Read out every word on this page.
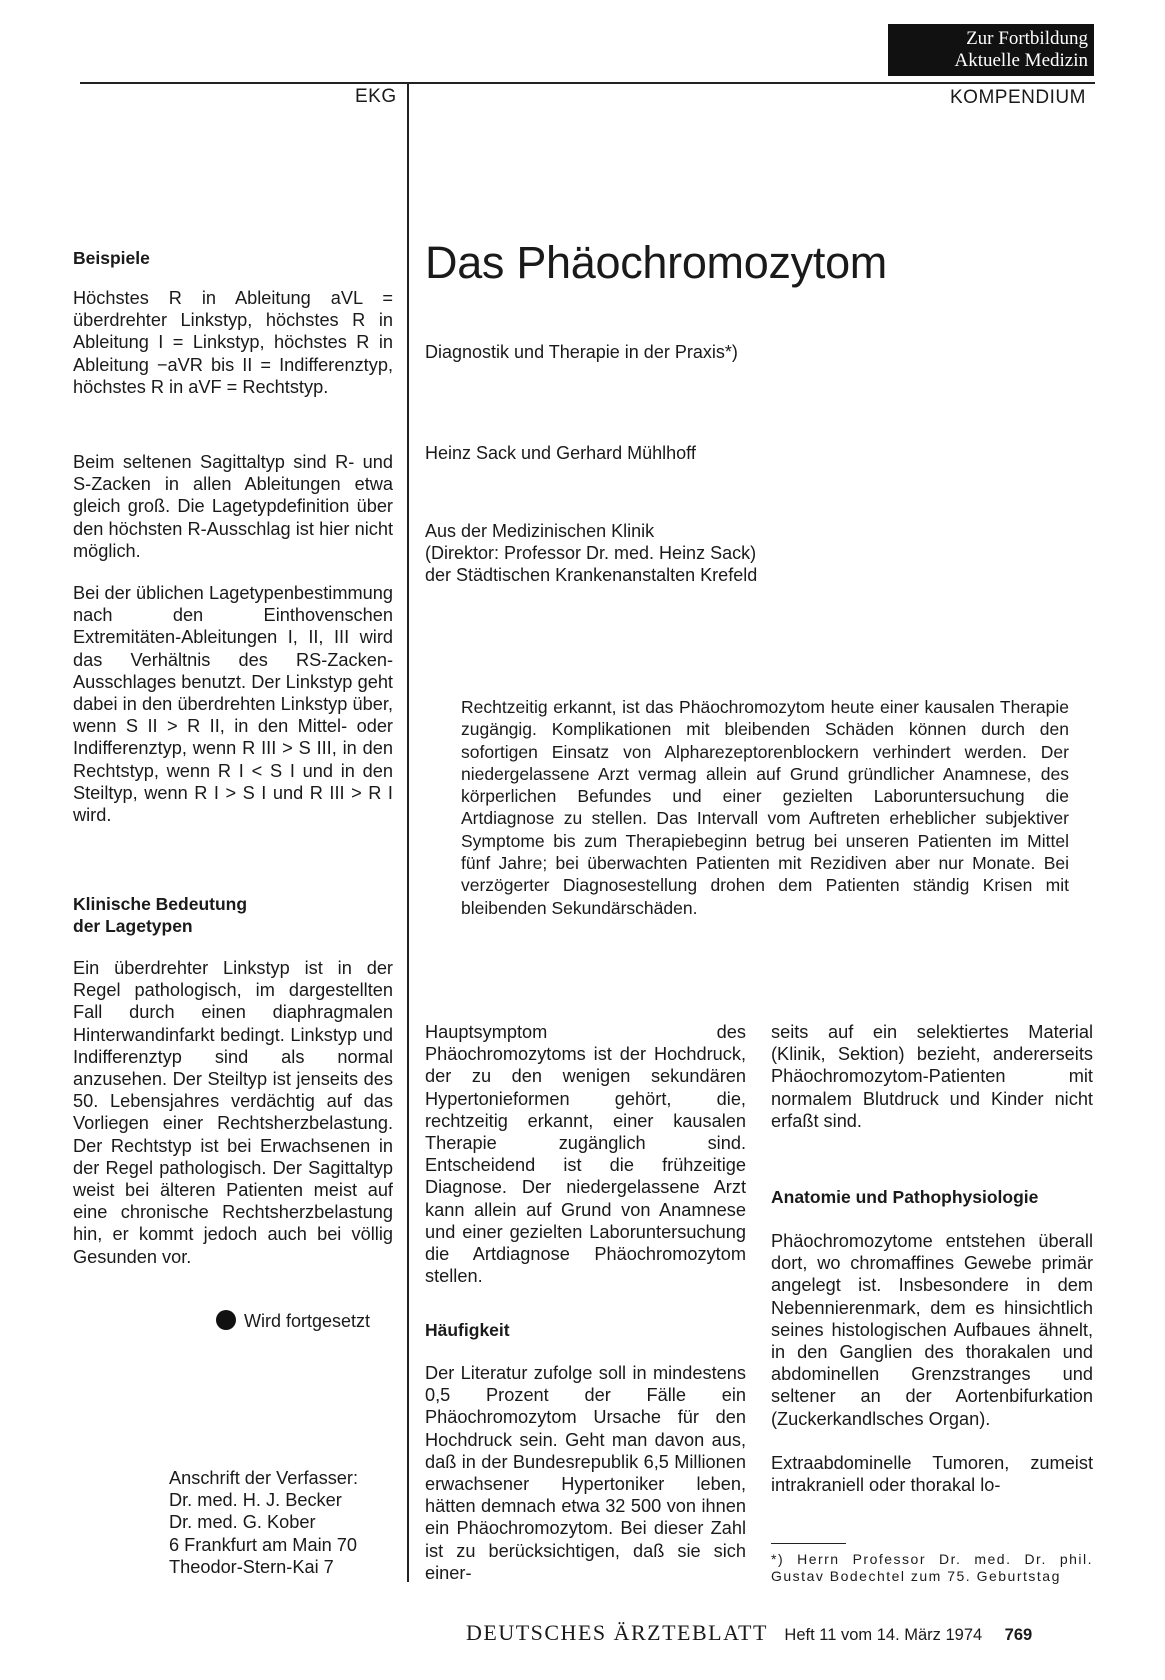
Zur Fortbildung
Aktuelle Medizin
EKG	KOMPENDIUM
Beispiele

Höchstes R in Ableitung aVL = überdrehter Linkstyp, höchstes R in Ableitung I = Linkstyp, höchstes R in Ableitung −aVR bis II = Indifferenztyp, höchstes R in aVF = Rechtstyp.

Beim seltenen Sagittaltyp sind R- und S-Zacken in allen Ableitungen etwa gleich groß. Die Lagetypdefinition über den höchsten R-Ausschlag ist hier nicht möglich.

Bei der üblichen Lagetypenbestimmung nach den Einthovenschen Extremitäten-Ableitungen I, II, III wird das Verhältnis des RS-Zacken-Ausschlages benutzt. Der Linkstyp geht dabei in den überdrehten Linkstyp über, wenn S II > R II, in den Mittel- oder Indifferenztyp, wenn R III > S III, in den Rechtstyp, wenn R I < S I und in den Steiltyp, wenn R I > S I und R III > R I wird.

Klinische Bedeutung
der Lagetypen

Ein überdrehter Linkstyp ist in der Regel pathologisch, im dargestellten Fall durch einen diaphragmalen Hinterwandinfarkt bedingt. Linkstyp und Indifferenztyp sind als normal anzusehen. Der Steiltyp ist jenseits des 50. Lebensjahres verdächtig auf das Vorliegen einer Rechtsherzbelastung. Der Rechtstyp ist bei Erwachsenen in der Regel pathologisch. Der Sagittaltyp weist bei älteren Patienten meist auf eine chronische Rechtsherzbelastung hin, er kommt jedoch auch bei völlig Gesunden vor.

Wird fortgesetzt
Anschrift der Verfasser:
Dr. med. H. J. Becker
Dr. med. G. Kober
6 Frankfurt am Main 70
Theodor-Stern-Kai 7
Das Phäochromozytom
Diagnostik und Therapie in der Praxis*)
Heinz Sack und Gerhard Mühlhoff
Aus der Medizinischen Klinik
(Direktor: Professor Dr. med. Heinz Sack)
der Städtischen Krankenanstalten Krefeld

Rechtzeitig erkannt, ist das Phäochromozytom heute einer kausalen Therapie zugängig. Komplikationen mit bleibenden Schäden können durch den sofortigen Einsatz von Alpharezeptorenblockern verhindert werden. Der niedergelassene Arzt vermag allein auf Grund gründlicher Anamnese, des körperlichen Befundes und einer gezielten Laboruntersuchung die Artdiagnose zu stellen. Das Intervall vom Auftreten erheblicher subjektiver Symptome bis zum Therapiebeginn betrug bei unseren Patienten im Mittel fünf Jahre; bei überwachten Patienten mit Rezidiven aber nur Monate. Bei verzögerter Diagnosestellung drohen dem Patienten ständig Krisen mit bleibenden Sekundärschäden.

Hauptsymptom des Phäochromozytoms ist der Hochdruck, der zu den wenigen sekundären Hypertonieformen gehört, die, rechtzeitig erkannt, einer kausalen Therapie zugänglich sind. Entscheidend ist die frühzeitige Diagnose. Der niedergelassene Arzt kann allein auf Grund von Anamnese und einer gezielten Laboruntersuchung die Artdiagnose Phäochromozytom stellen.

Häufigkeit

Der Literatur zufolge soll in mindestens 0,5 Prozent der Fälle ein Phäochromozytom Ursache für den Hochdruck sein. Geht man davon aus, daß in der Bundesrepublik 6,5 Millionen erwachsener Hypertoniker leben, hätten demnach etwa 32 500 von ihnen ein Phäochromozytom. Bei dieser Zahl ist zu berücksichtigen, daß sie sich einer-

seits auf ein selektiertes Material (Klinik, Sektion) bezieht, andererseits Phäochromozytom-Patienten mit normalem Blutdruck und Kinder nicht erfaßt sind.

Anatomie und Pathophysiologie

Phäochromozytome entstehen überall dort, wo chromaffines Gewebe primär angelegt ist. Insbesondere in dem Nebennierenmark, dem es hinsichtlich seines histologischen Aufbaues ähnelt, in den Ganglien des thorakalen und abdominellen Grenzstranges und seltener an der Aortenbifurkation (Zuckerkandlsches Organ).

Extraabdominelle Tumoren, zumeist intrakraniell oder thorakal lo-

*) Herrn Professor Dr. med. Dr. phil. Gustav Bodechtel zum 75. Geburtstag

DEUTSCHES ÄRZTEBLATT Heft 11 vom 14. März 1974 769
